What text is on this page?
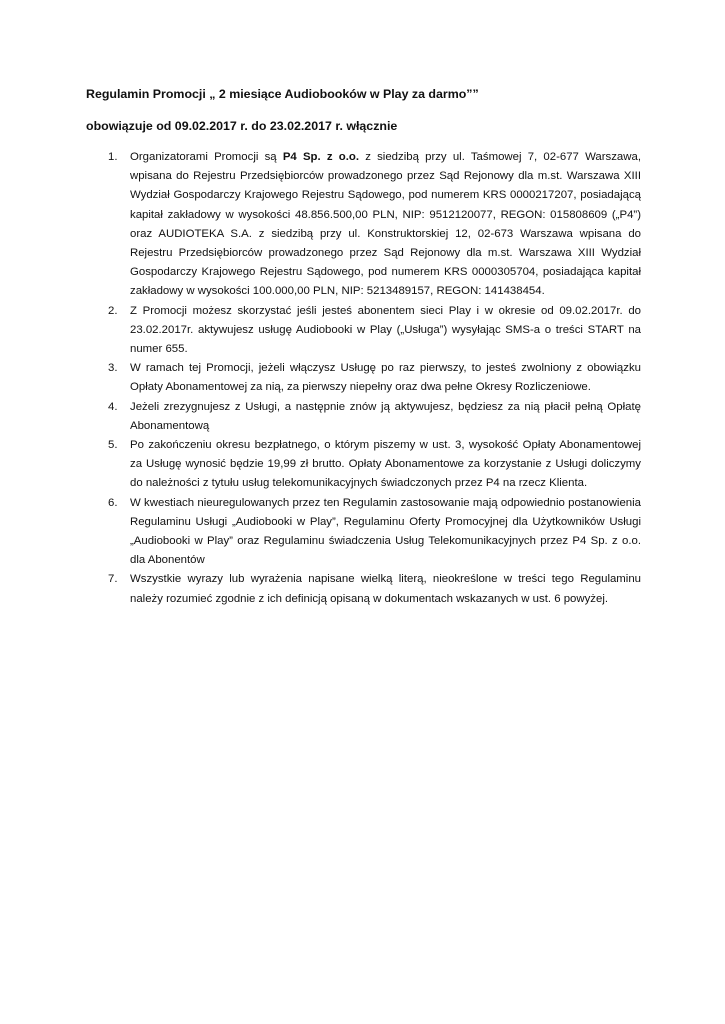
Regulamin Promocji „ 2 miesiące Audiobooków w Play za darmo””
obowiązuje od 09.02.2017 r. do 23.02.2017 r. włącznie
1.	Organizatorami Promocji są P4 Sp. z o.o. z siedzibą przy ul. Taśmowej 7, 02-677 Warszawa, wpisana do Rejestru Przedsiębiorców prowadzonego przez Sąd Rejonowy dla m.st. Warszawa XIII Wydział Gospodarczy Krajowego Rejestru Sądowego, pod numerem KRS 0000217207, posiadającą kapitał zakładowy w wysokości 48.856.500,00 PLN, NIP: 9512120077, REGON: 015808609 („P4”) oraz AUDIOTEKA S.A. z siedzibą przy ul. Konstruktorskiej 12, 02-673 Warszawa wpisana do Rejestru Przedsiębiorców prowadzonego przez Sąd Rejonowy dla m.st. Warszawa XIII Wydział Gospodarczy Krajowego Rejestru Sądowego, pod numerem KRS 0000305704, posiadająca kapitał zakładowy w wysokości 100.000,00 PLN, NIP: 5213489157, REGON: 141438454.
2.	Z Promocji możesz skorzystać jeśli jesteś abonentem sieci Play i w okresie od 09.02.2017r. do 23.02.2017r. aktywujesz usługę Audiobooki w Play („Usługa”) wysyłając SMS-a o treści START na numer 655.
3.	W ramach tej Promocji, jeżeli włączysz Usługę po raz pierwszy, to jesteś zwolniony z obowiązku Opłaty Abonamentowej za nią, za pierwszy niepełny oraz dwa pełne Okresy Rozliczeniowe.
4.	Jeżeli zrezygnujesz z Usługi, a następnie znów ją aktywujesz, będziesz za nią płacił pełną Opłatę Abonamentową
5.	Po zakończeniu okresu bezpłatnego, o którym piszemy w ust. 3, wysokość Opłaty Abonamentowej za Usługę wynosić będzie 19,99 zł brutto. Opłaty Abonamentowe za korzystanie z Usługi doliczymy do należności z tytułu usług telekomunikacyjnych świadczonych przez P4 na rzecz Klienta.
6.	W kwestiach nieuregulowanych przez ten Regulamin zastosowanie mają odpowiednio postanowienia Regulaminu Usługi „Audiobooki w Play”, Regulaminu Oferty Promocyjnej dla Użytkowników Usługi „Audiobooki w Play” oraz Regulaminu świadczenia Usług Telekomunikacyjnych przez P4 Sp. z o.o. dla Abonentów
7.	Wszystkie wyrazy lub wyrażenia napisane wielką literą, nieokreślone w treści tego Regulaminu należy rozumieć zgodnie z ich definicją opisaną w dokumentach wskazanych w ust. 6 powyżej.
